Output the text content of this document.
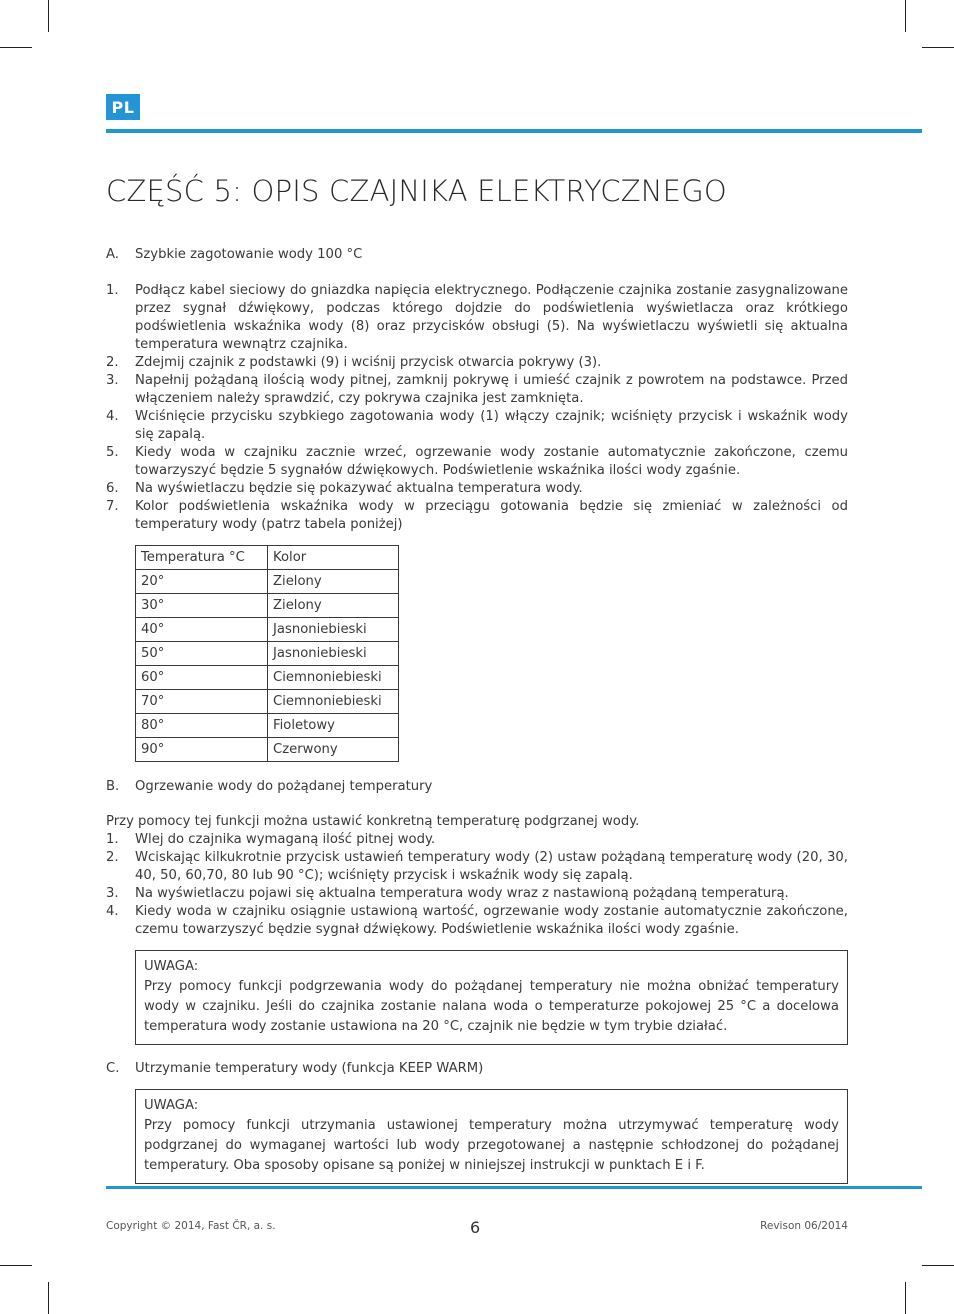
PL
CZĘŚĆ 5: OPIS CZAJNIKA ELEKTRYCZNEGO
A.	Szybkie zagotowanie wody 100 °C
1.	Podłącz kabel sieciowy do gniazdka napięcia elektrycznego. Podłączenie czajnika zostanie zasygnalizowane przez sygnał dźwiękowy, podczas którego dojdzie do podświetlenia wyświetlacza oraz krótkiego podświetlenia wskaźnika wody (8) oraz przycisków obsługi (5). Na wyświetlaczu wyświetli się aktualna temperatura wewnątrz czajnika.
2.	Zdejmij czajnik z podstawki (9) i wciśnij przycisk otwarcia pokrywy (3).
3.	Napełnij pożądaną ilością wody pitnej, zamknij pokrywę i umieść czajnik z powrotem na podstawce. Przed włączeniem należy sprawdzić, czy pokrywa czajnika jest zamknięta.
4.	Wciśnięcie przycisku szybkiego zagotowania wody (1) włączy czajnik; wciśnięty przycisk i wskaźnik wody się zapalą.
5.	Kiedy woda w czajniku zacznie wrzeć, ogrzewanie wody zostanie automatycznie zakończone, czemu towarzyszyć będzie 5 sygnałów dźwiękowych. Podświetlenie wskaźnika ilości wody zgaśnie.
6.	Na wyświetlaczu będzie się pokazywać aktualna temperatura wody.
7.	Kolor podświetlenia wskaźnika wody w przeciągu gotowania będzie się zmieniać w zależności od temperatury wody (patrz tabela poniżej)
Temperatura °C	Kolor
20°	Zielony
30°	Zielony
40°	Jasnoniebieski
50°	Jasnoniebieski
60°	Ciemnoniebieski
70°	Ciemnoniebieski
80°	Fioletowy
90°	Czerwony
B.	Ogrzewanie wody do pożądanej temperatury
Przy pomocy tej funkcji można ustawić konkretną temperaturę podgrzanej wody.
1.	Wlej do czajnika wymaganą ilość pitnej wody.
2.	Wciskając kilkukrotnie przycisk ustawień temperatury wody (2) ustaw pożądaną temperaturę wody (20, 30, 40, 50, 60,70, 80 lub 90 °C); wciśnięty przycisk i wskaźnik wody się zapalą.
3.	Na wyświetlaczu pojawi się aktualna temperatura wody wraz z nastawioną pożądaną temperaturą.
4.	Kiedy woda w czajniku osiągnie ustawioną wartość, ogrzewanie wody zostanie automatycznie zakończone, czemu towarzyszyć będzie sygnał dźwiękowy. Podświetlenie wskaźnika ilości wody zgaśnie.
UWAGA:
Przy pomocy funkcji podgrzewania wody do pożądanej temperatury nie można obniżać temperatury wody w czajniku. Jeśli do czajnika zostanie nalana woda o temperaturze pokojowej 25 °C a docelowa temperatura wody zostanie ustawiona na 20 °C, czajnik nie będzie w tym trybie działać.
C.	Utrzymanie temperatury wody (funkcja KEEP WARM)
UWAGA:
Przy pomocy funkcji utrzymania ustawionej temperatury można utrzymywać temperaturę wody podgrzanej do wymaganej wartości lub wody przegotowanej a następnie schłodzonej do pożądanej temperatury. Oba sposoby opisane są poniżej w niniejszej instrukcji w punktach E i F.
Copyright © 2014, Fast ČR, a. s.	6	Revison 06/2014
